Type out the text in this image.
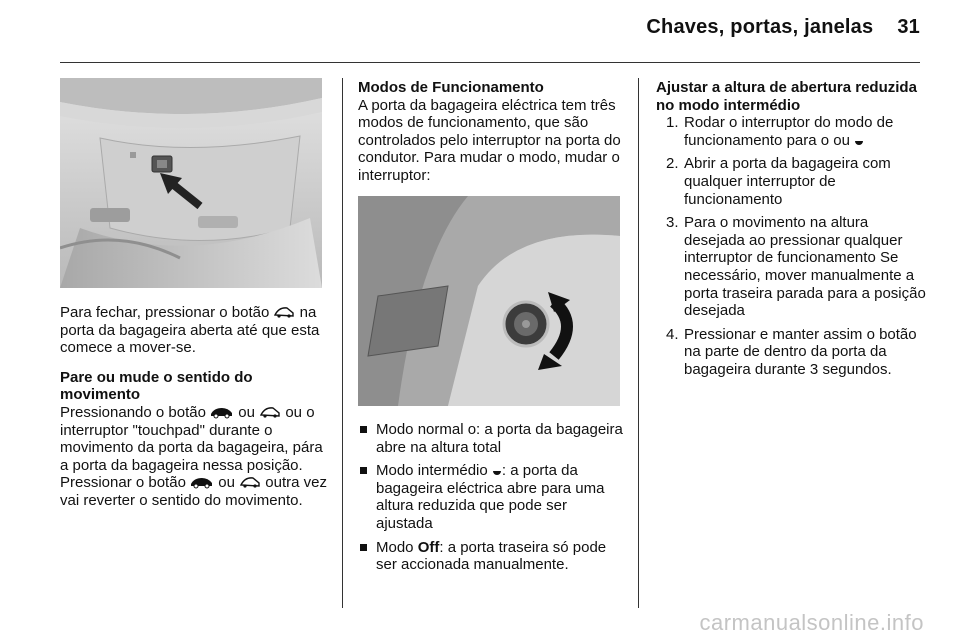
Chaves, portas, janelas 31

Para fechar, pressionar o botão na porta da bagageira aberta até que esta comece a mover-se.

Pare ou mude o sentido do movimento

Pressionando o botão ou ou o interruptor "touchpad" durante o movimento da porta da bagageira, pára a porta da bagageira nessa posição. Pressionar o botão ou outra vez vai reverter o sentido do movimento.

Modos de Funcionamento

A porta da bagageira eléctrica tem três modos de funcionamento, que são controlados pelo interruptor na porta do condutor. Para mudar o modo, mudar o interruptor:

Modo normal o: a porta da bagageira abre na altura total
Modo intermédio : a porta da bagageira eléctrica abre para uma altura reduzida que pode ser ajustada
Modo Off: a porta traseira só pode ser accionada manualmente.

Ajustar a altura de abertura reduzida no modo intermédio

1. Rodar o interruptor do modo de funcionamento para o ou
2. Abrir a porta da bagageira com qualquer interruptor de funcionamento
3. Para o movimento na altura desejada ao pressionar qualquer interruptor de funcionamento Se necessário, mover manualmente a porta traseira parada para a posição desejada
4. Pressionar e manter assim o botão na parte de dentro da porta da bagageira durante 3 segundos.
carmanualsonline.info
